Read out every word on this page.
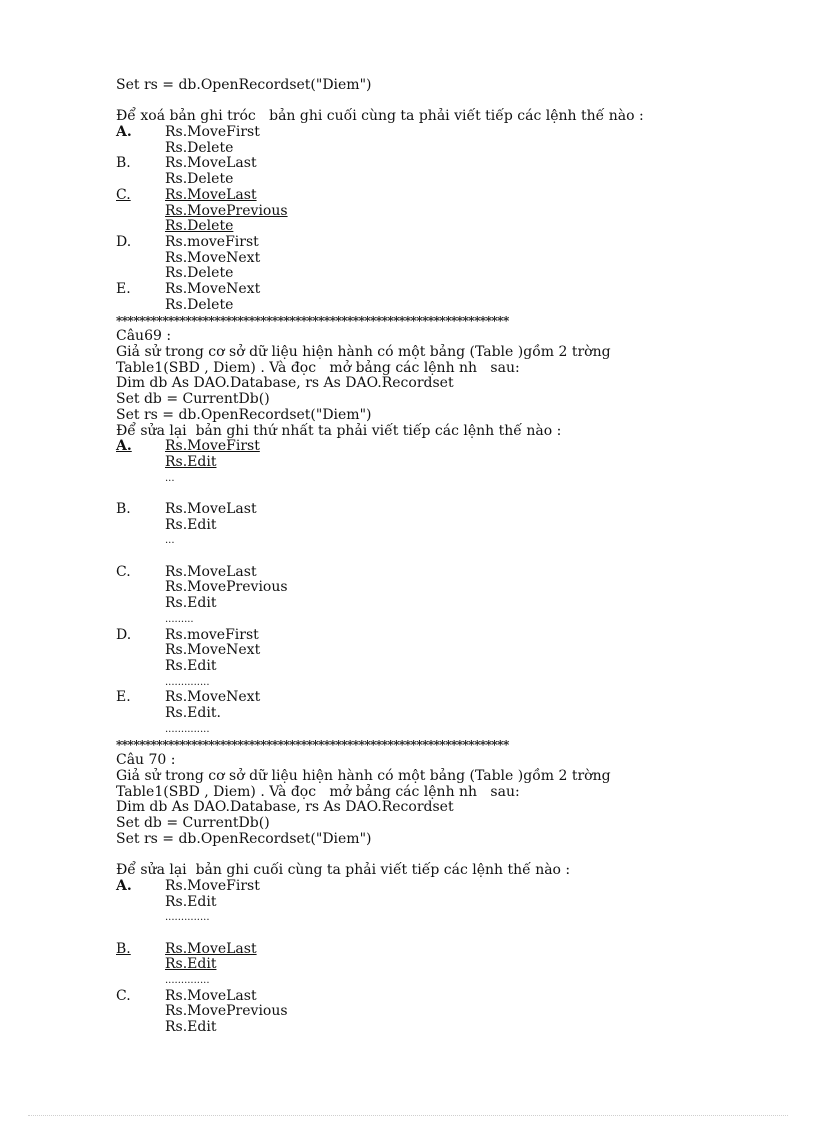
Set rs = db.OpenRecordset("Diem")
Để xoá bản ghi tróc   bản ghi cuối cùng ta phải viết tiếp các lệnh thế nào :
A.	Rs.MoveFirst
Rs.Delete
B.	Rs.MoveLast
Rs.Delete
C.	Rs.MoveLast
Rs.MovePrevious
Rs.Delete
D.	Rs.moveFirst
Rs.MoveNext
Rs.Delete
E.	Rs.MoveNext
Rs.Delete
********************************************************************
Câu69 :
Giả sử trong cơ sở dữ liệu hiện hành có một bảng (Table )gồm 2 trờng
Table1(SBD , Diem) . Và đọc   mở bảng các lệnh nh   sau:
Dim db As DAO.Database, rs As DAO.Recordset
Set db = CurrentDb()
Set rs = db.OpenRecordset("Diem")
Để sửa lại  bản ghi thứ nhất ta phải viết tiếp các lệnh thế nào :
A.	Rs.MoveFirst
Rs.Edit
...
B.	Rs.MoveLast
Rs.Edit
...
C.	Rs.MoveLast
Rs.MovePrevious
Rs.Edit
.........
D.	Rs.moveFirst
Rs.MoveNext
Rs.Edit
..............
E.	Rs.MoveNext
Rs.Edit.
..............
********************************************************************
Câu 70 :
Giả sử trong cơ sở dữ liệu hiện hành có một bảng (Table )gồm 2 trờng
Table1(SBD , Diem) . Và đọc   mở bảng các lệnh nh   sau:
Dim db As DAO.Database, rs As DAO.Recordset
Set db = CurrentDb()
Set rs = db.OpenRecordset("Diem")
Để sửa lại  bản ghi cuối cùng ta phải viết tiếp các lệnh thế nào :
A.	Rs.MoveFirst
Rs.Edit
..............
B.	Rs.MoveLast
Rs.Edit
..............
C.	Rs.MoveLast
Rs.MovePrevious
Rs.Edit
